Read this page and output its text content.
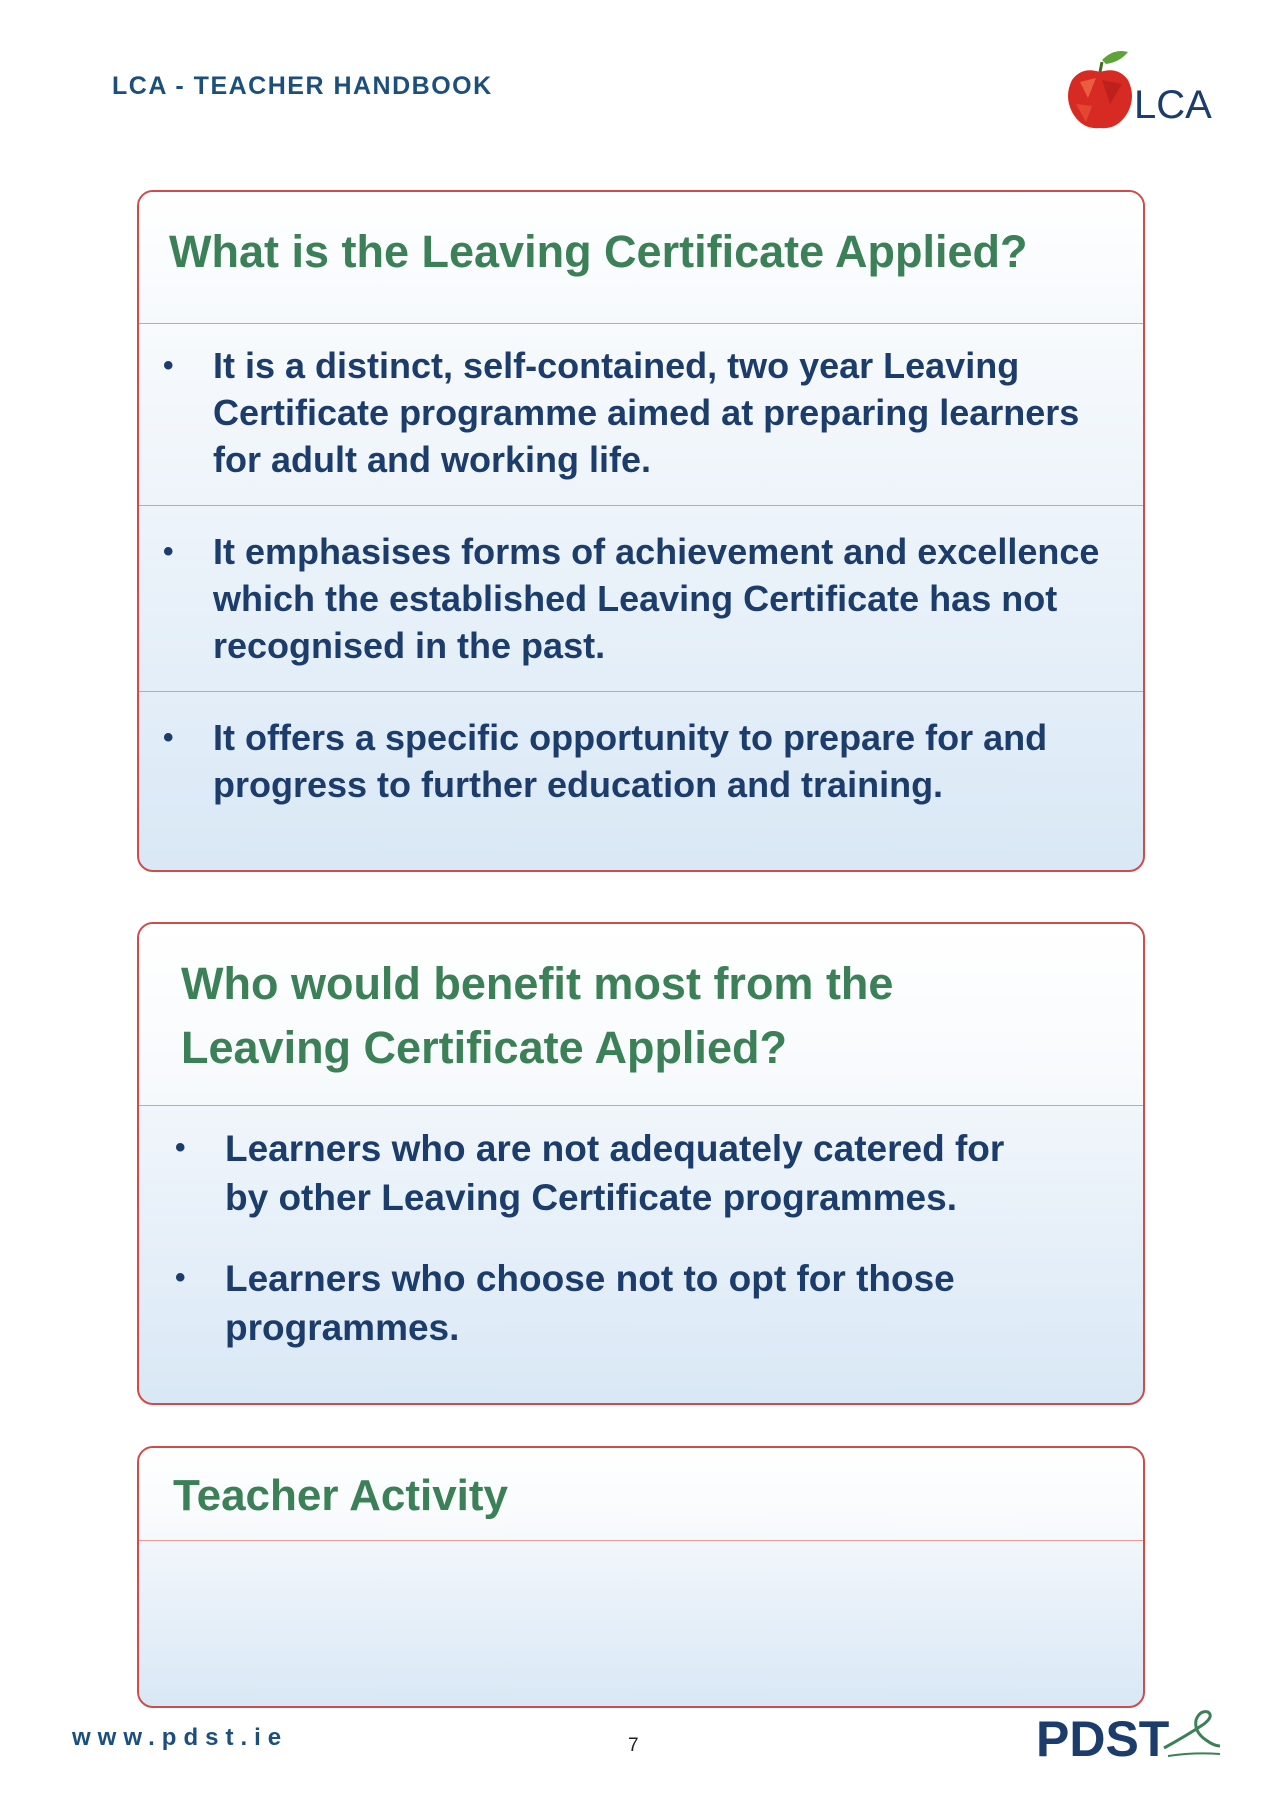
LCA - TEACHER HANDBOOK	LCA
What is the Leaving Certificate Applied?
•	It is a distinct, self-contained, two year Leaving
Certificate programme aimed at preparing learners
for adult and working life.
•	It emphasises forms of achievement and excellence
which the established Leaving Certificate has not
recognised in the past.
•	It offers a specific opportunity to prepare for and
progress to further education and training.
Who would benefit most from the
Leaving Certificate Applied?
•	Learners who are not adequately catered for
by other Leaving Certificate programmes.
•	Learners who choose not to opt for those
programmes.
Teacher Activity
www.pdst.ie	7	PDST
